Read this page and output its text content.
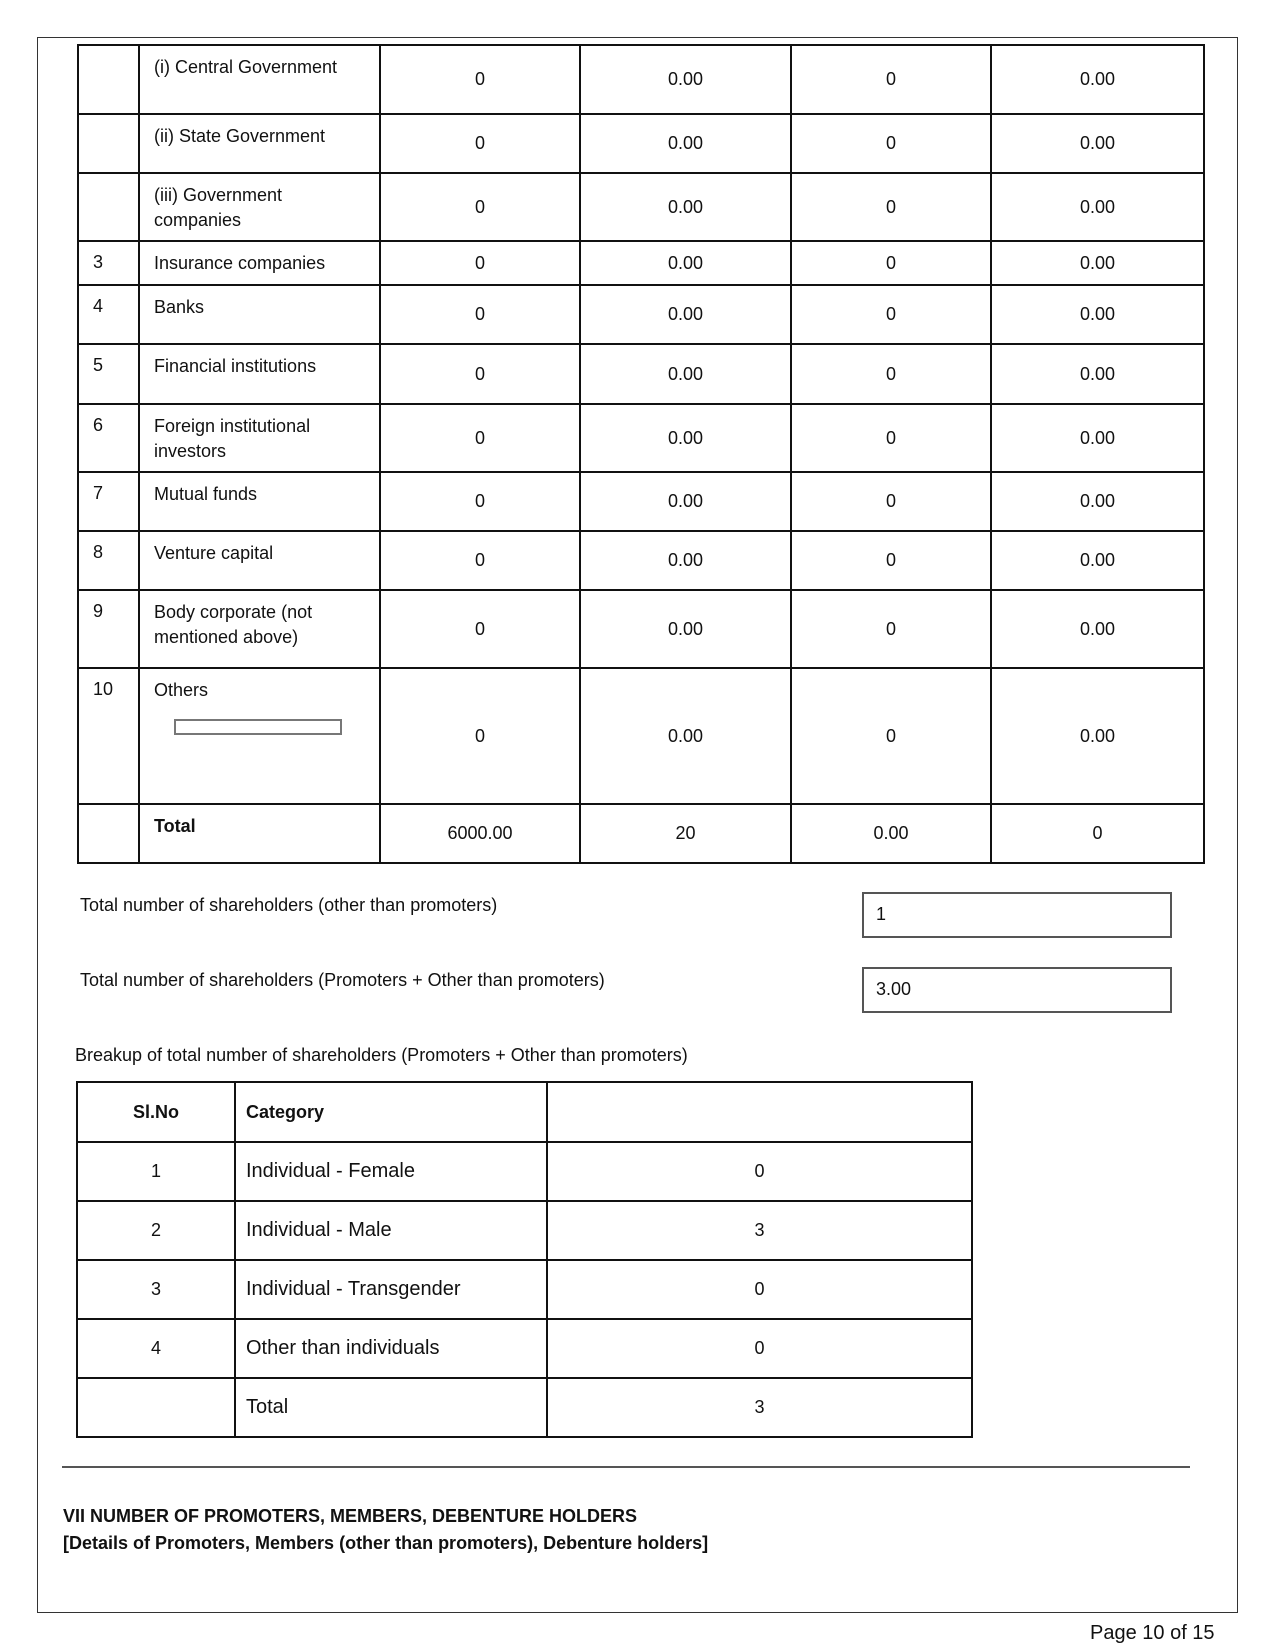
	(i) Central Government	0	0.00	0	0.00

	(ii) State Government	0	0.00	0	0.00

	(iii) Government companies	0	0.00	0	0.00
3	Insurance companies	0	0.00	0	0.00
4	Banks	0	0.00	0	0.00
5	Financial institutions	0	0.00	0	0.00
6	Foreign institutional investors	0	0.00	0	0.00
7	Mutual funds	0	0.00	0	0.00
8	Venture capital	0	0.00	0	0.00
9	Body corporate (not mentioned above)	0	0.00	0	0.00
10	Others	0	0.00	0	0.00

	Total	6000.00	20	0.00	0
Total number of shareholders (other than promoters)	1
Total number of shareholders (Promoters + Other than promoters)	3.00
Breakup of total number of shareholders (Promoters + Other than promoters)
Sl.No	Category	
1	Individual - Female	0
2	Individual - Male	3
3	Individual - Transgender	0
4	Other than individuals	0
	Total	3
VII NUMBER OF PROMOTERS, MEMBERS, DEBENTURE HOLDERS
[Details of Promoters, Members (other than promoters), Debenture holders]
Page 10 of 15
